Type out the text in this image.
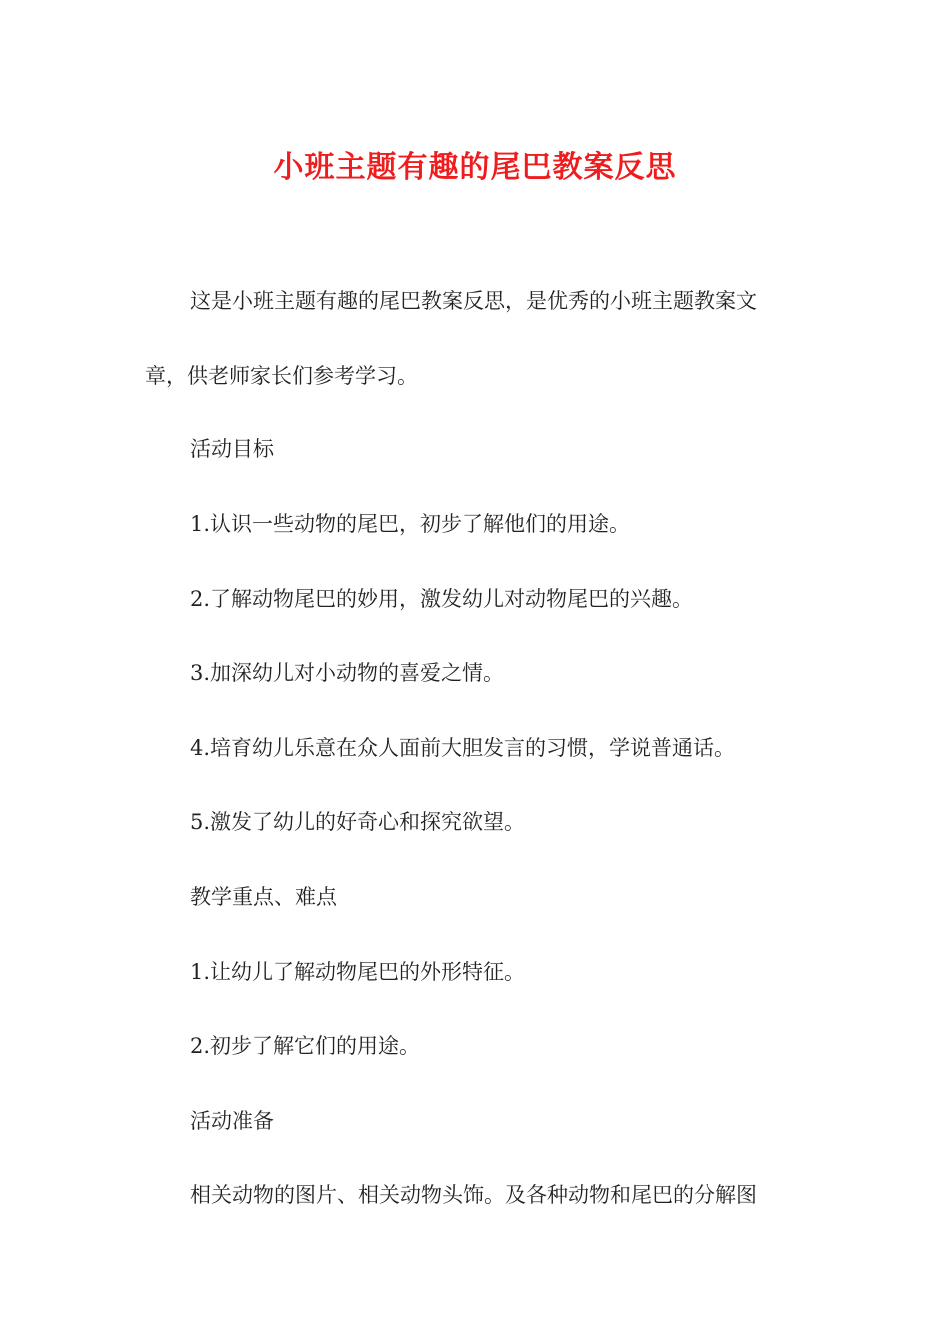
小班主题有趣的尾巴教案反思
这是小班主题有趣的尾巴教案反思，是优秀的小班主题教案文
章，供老师家长们参考学习。
活动目标
1.认识一些动物的尾巴，初步了解他们的用途。
2.了解动物尾巴的妙用，激发幼儿对动物尾巴的兴趣。
3.加深幼儿对小动物的喜爱之情。
4.培育幼儿乐意在众人面前大胆发言的习惯，学说普通话。
5.激发了幼儿的好奇心和探究欲望。
教学重点、难点
1.让幼儿了解动物尾巴的外形特征。
2.初步了解它们的用途。
活动准备
相关动物的图片、相关动物头饰。及各种动物和尾巴的分解图
